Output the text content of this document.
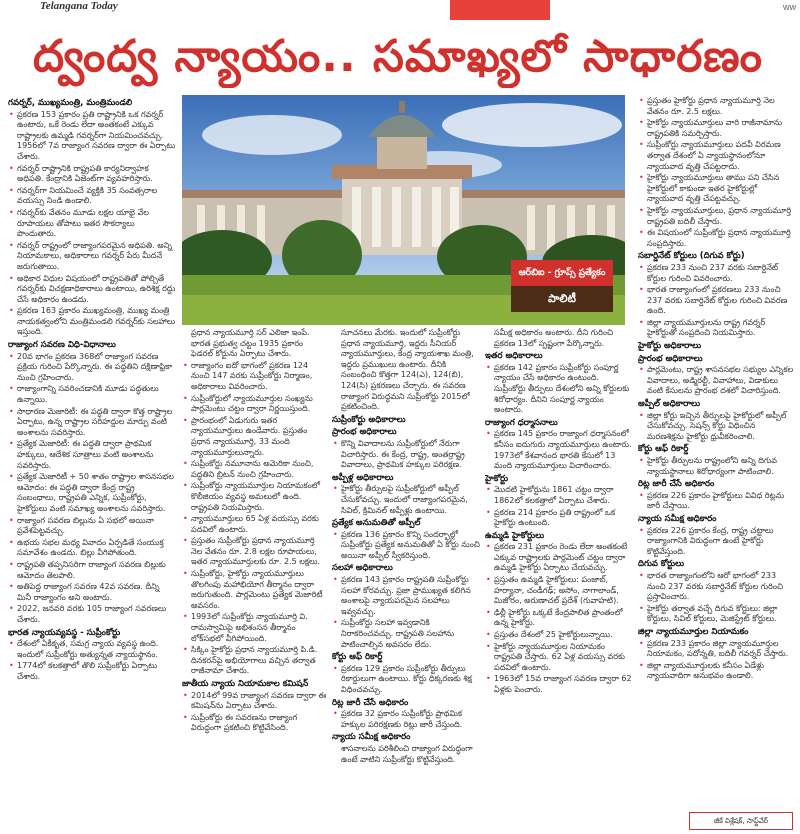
Telangana Today	ww
ద్వంద్వ న్యాయం.. సమాఖ్యలో సాధారణం
గవర్నర్, ముఖ్యమంత్రి, మంత్రిమండలి

• ప్రకరణ 153 ప్రకారం ప్రతి రాష్ట్రానికి ఒక గవర్నర్ ఉంటారు, ఒకే రెండు లేదా అంతకంటే ఎక్కువ రాష్ట్రాలకు ఉమ్మడి గవర్నర్‌గా నియమించవచ్చు. 1956లో 7వ రాజ్యాంగ సవరణ ద్వారా ఈ ఏర్పాటు చేశారు.

• గవర్నర్ రాష్ట్రానికి రాష్ట్రపతి కార్యనిర్వాహక అధిపతి. కేంద్రానికి ఏజెంట్‌గా వ్యవహరిస్తారు.

• గవర్నర్‌గా నియమించే వ్యక్తికి 35 సంవత్సరాల వయస్సు నిండి ఉండాలి.

• గవర్నర్‌కు వేతనం మూడు లక్షల యాభై వేల రూపాయలు తోపాటు ఇతర సౌకర్యాలు పొందుతారు.

• గవర్నర్ రాష్ట్రంలో రాజ్యాంగపరమైన అధిపతి. అన్ని నియామకాలు, అధికారాలు గవర్నర్ పేరు మీదనే జరుగుతాయి.

• అధికార విధుల విషయంలో రాష్ట్రపతితో పోల్చితే గవర్నర్‌కు విచక్షణాధికారాలు ఉంటాయి, ఉరిశిక్ష రద్దు చేసే అధికారం ఉండదు.

• ప్రకరణ 163 ప్రకారం ముఖ్యమంత్రి, ముఖ్య మంత్రి నాయకత్వంలోని మంత్రిమండలి గవర్నర్‌కు సలహాలు ఇస్తుంది.

రాజ్యాంగ సవరణ విధి-విధానాలు

• 20వ భాగం ప్రకరణ 368లో రాజ్యాంగ సవరణ ప్రక్రియ గురించి పేర్కొన్నారు. ఈ పద్ధతిని దక్షిణాఫ్రికా నుంచి గ్రహించారు.

• రాజ్యాంగాన్ని సవరించడానికి మూడు పద్ధతులు ఉన్నాయి.

• సాధారణ మెజారిటీ: ఈ పద్ధతి ద్వారా కొత్త రాష్ట్రాల ఏర్పాటు, ఉన్న రాష్ట్రాల సరిహద్దుల మార్పు వంటి అంశాలను సవరిస్తారు.

• ప్రత్యేక మెజారిటీ: ఈ పద్ధతి ద్వారా ప్రాథమిక హక్కులు, ఆదేశిక సూత్రాలు వంటి అంశాలను సవరిస్తారు.

• ప్రత్యేక మెజారిటీ + 50 శాతం రాష్ట్రాల శాసనసభల ఆమోదం: ఈ పద్ధతి ద్వారా కేంద్ర రాష్ట్ర సంబంధాలు, రాష్ట్రపతి ఎన్నిక, సుప్రీంకోర్టు, హైకోర్టులు వంటి సమాఖ్య అంశాలను సవరిస్తారు.

• రాజ్యాంగ సవరణ బిల్లును ఏ సభలో అయినా ప్రవేశపెట్టవచ్చు.

• ఉభయ సభల మధ్య వివాదం ఏర్పడితే సంయుక్త సమావేశం ఉండదు. బిల్లు వీగిపోతుంది.

• రాష్ట్రపతి తప్పనిసరిగా రాజ్యాంగ సవరణ బిల్లుకు ఆమోదం తెలపాలి.

• అతిపెద్ద రాజ్యాంగ సవరణ 42వ సవరణ. దీన్ని మినీ రాజ్యాంగం అని అంటారు.

• 2022, జనవరి వరకు 105 రాజ్యాంగ సవరణలు చేశారు.

భారత న్యాయవ్యవస్థ - సుప్రీంకోర్టు

• దేశంలో ఏకీకృత, సమగ్ర న్యాయ వ్యవస్థ ఉంది. ఇందులో సుప్రీంకోర్టు అత్యున్నత న్యాయస్థానం.

• 1774లో కలకత్తాలో తొలి సుప్రీంకోర్టు ఏర్పాటు చేశారు.

ఆర్‌బిఐ - గ్రూప్స్ ప్రత్యేకం
పాలిటీ

ప్రధాన న్యాయమూర్తి సర్ ఎలిజా ఇంపే. భారత ప్రభుత్వ చట్టం 1935 ప్రకారం ఫెడరల్ కోర్టును ఏర్పాటు చేశారు.

• రాజ్యాంగం ఐదో భాగంలో ప్రకరణ 124 నుంచి 147 వరకు సుప్రీంకోర్టు నిర్మాణం, అధికారాలు వివరించారు.

• సుప్రీంకోర్టులో న్యాయమూర్తుల సంఖ్యను పార్లమెంటు చట్టం ద్వారా నిర్ణయిస్తుంది.

• ప్రారంభంలో ఏడుగురు ఇతర న్యాయమూర్తులు ఉండేవారు. ప్రస్తుతం ప్రధాన న్యాయమూర్తి, 33 మంది న్యాయమూర్తులున్నారు.

• సుప్రీంకోర్టు నమూనాను అమెరికా నుంచి, పద్ధతిని బ్రిటన్ నుంచి గ్రహించారు.

• సుప్రీంకోర్టు న్యాయమూర్తుల నియామకంలో కొలీజియం వ్యవస్థ అమలులో ఉంది. రాష్ట్రపతి నియమిస్తారు.

• న్యాయమూర్తులు 65 ఏళ్ల వయస్సు వరకు పదవిలో ఉంటారు.

• ప్రస్తుతం సుప్రీంకోర్టు ప్రధాన న్యాయమూర్తి నెల వేతనం రూ. 2.8 లక్షల రూపాయలు, ఇతర న్యాయమూర్తులకు రూ. 2.5 లక్షలు.

• సుప్రీంకోర్టు, హైకోర్టు న్యాయమూర్తులు తొలగింపు మహాభియోగ తీర్మానం ద్వారా జరుగుతుంది. పార్లమెంటు ప్రత్యేక మెజారిటీ అవసరం.

• 1993లో సుప్రీంకోర్టు న్యాయమూర్తి వి. రామస్వామిపై అభిశంసన తీర్మానం లోక్‌సభలో వీగిపోయింది.

• సిక్కిం హైకోర్టు ప్రధాన న్యాయమూర్తి పి.డి. దినకరన్‌పై అభియోగాలు వచ్చిన తర్వాత రాజీనామా చేశారు.

జాతీయ న్యాయ నియామకాల కమిషన్

• 2014లో 99వ రాజ్యాంగ సవరణ ద్వారా ఈ కమిషన్‌ను ఏర్పాటు చేశారు.

• సుప్రీంకోర్టు ఈ సవరణను రాజ్యాంగ విరుద్ధంగా ప్రకటించి కొట్టివేసింది.

సూచనలు మేరకు. ఇందులో సుప్రీంకోర్టు ప్రధాన న్యాయమూర్తి, ఇద్దరు సీనియర్ న్యాయమూర్తులు, కేంద్ర న్యాయశాఖ మంత్రి, ఇద్దరు ప్రముఖులు ఉంటారు. దీనికి సంబంధించి కొత్తగా 124(ఎ), 124(బి), 124(సి) ప్రకరణలు చేర్చారు. ఈ సవరణ రాజ్యాంగ విరుద్ధమని సుప్రీంకోర్టు 2015లో ప్రకటించింది.

సుప్రీంకోర్టు అధికారాలు
ప్రారంభ అధికారాలు

• కొన్ని వివాదాలను సుప్రీంకోర్టులో నేరుగా విచారిస్తారు. ఈ కేంద్ర, రాష్ట్ర, అంతర్రాష్ట్ర వివాదాలు, ప్రాథమిక హక్కుల పరిరక్షణ.

అప్పీళ్ల అధికారాలు

• హైకోర్టు తీర్పులపై సుప్రీంకోర్టులో అప్పీల్ చేసుకోవచ్చు. ఇందులో రాజ్యాంగపరమైన, సివిల్, క్రిమినల్ అప్పీళ్లు ఉంటాయి.

ప్రత్యేక అనుమతితో అప్పీల్

• ప్రకరణ 136 ప్రకారం కొన్ని సందర్భాల్లో సుప్రీంకోర్టు ప్రత్యేక అనుమతితో ఏ కోర్టు నుంచి అయినా అప్పీల్ స్వీకరిస్తుంది.

సలహా అధికారాలు

• ప్రకరణ 143 ప్రకారం రాష్ట్రపతి సుప్రీంకోర్టు సలహా కోరవచ్చు. ప్రజా ప్రాముఖ్యత కలిగిన అంశాలపై న్యాయపరమైన సలహాలు ఇవ్వవచ్చు.

• సుప్రీంకోర్టు సలహా ఇవ్వడానికి నిరాకరించవచ్చు. రాష్ట్రపతి సలహాను పాటించాల్సిన అవసరం లేదు.

కోర్టు ఆఫ్ రికార్డ్

• ప్రకరణ 129 ప్రకారం సుప్రీంకోర్టు తీర్పులు రికార్డులుగా ఉంటాయి. కోర్టు ధిక్కరణకు శిక్ష విధించవచ్చు.

రిట్ల జారీ చేసే అధికారం

• ప్రకరణ 32 ప్రకారం సుప్రీంకోర్టు ప్రాథమిక హక్కుల పరిరక్షణకు రిట్లు జారీ చేస్తుంది.

న్యాయ సమీక్ష అధికారం

శాసనాలను పరిశీలించి రాజ్యాంగ విరుద్ధంగా ఉంటే వాటిని సుప్రీంకోర్టు కొట్టివేస్తుంది.

సమీక్ష అధికారం అంటారు. దీని గురించి ప్రకరణ 13లో స్పష్టంగా పేర్కొన్నారు.

ఇతర అధికారాలు

• ప్రకరణ 142 ప్రకారం సుప్రీంకోర్టు సంపూర్ణ న్యాయం చేసే అధికారం ఉంటుంది. సుప్రీంకోర్టు తీర్పులు దేశంలోని అన్ని కోర్టులకు శిరోధార్యం. దీనిని సంపూర్ణ న్యాయం అంటారు.

రాజ్యాంగ ధర్మాసనాలు

• ప్రకరణ 145 ప్రకారం రాజ్యాంగ ధర్మాసనంలో కనీసం ఐదుగురు న్యాయమూర్తులు ఉంటారు. 1973లో కేశవానంద భారతి కేసులో 13 మంది న్యాయమూర్తులు విచారించారు.

హైకోర్టు

• మొదటి హైకోర్టును 1861 చట్టం ద్వారా 1862లో కలకత్తాలో ఏర్పాటు చేశారు.

• ప్రకరణ 214 ప్రకారం ప్రతి రాష్ట్రంలో ఒక హైకోర్టు ఉంటుంది.

ఉమ్మడి హైకోర్టులు

• ప్రకరణ 231 ప్రకారం రెండు లేదా అంతకంటే ఎక్కువ రాష్ట్రాలకు పార్లమెంట్ చట్టం ద్వారా ఉమ్మడి హైకోర్టు ఏర్పాటు చేయవచ్చు.

• ప్రస్తుతం ఉమ్మడి హైకోర్టులు: పంజాబ్, హర్యానా, చండీగఢ్; అసోం, నాగాలాండ్, మిజోరం, అరుణాచల్ ప్రదేశ్ (గువాహటి).

• ఢిల్లీ హైకోర్టు ఒక్కటే కేంద్రపాలిత ప్రాంతంలో ఉన్న హైకోర్టు.

• ప్రస్తుతం దేశంలో 25 హైకోర్టులున్నాయి.

• హైకోర్టు న్యాయమూర్తుల నియామకం రాష్ట్రపతి చేస్తారు. 62 ఏళ్ల వయస్సు వరకు పదవిలో ఉంటారు.

• 1963లో 15వ రాజ్యాంగ సవరణ ద్వారా 62 ఏళ్లకు పెంచారు.

• ప్రస్తుతం హైకోర్టు ప్రధాన న్యాయమూర్తి నెల వేతనం రూ. 2.5 లక్షలు.

• హైకోర్టు న్యాయమూర్తులు వారి రాజీనామాను రాష్ట్రపతికి సమర్పిస్తారు.

• సుప్రీంకోర్టు న్యాయమూర్తులు పదవీ విరమణ తర్వాత దేశంలో ఏ న్యాయస్థానంలోనూ న్యాయవాద వృత్తి చేపట్టరాదు.

• హైకోర్టు న్యాయమూర్తులు తాము పని చేసిన హైకోర్టులో కాకుండా ఇతర హైకోర్టుల్లో న్యాయవాద వృత్తి చేపట్టవచ్చు.

• హైకోర్టు న్యాయమూర్తులు, ప్రధాన న్యాయమూర్తి రాష్ట్రపతి బదిలీ చేస్తారు.

• ఈ విషయంలో సుప్రీంకోర్టు ప్రధాన న్యాయమూర్తి సంప్రదిస్తారు.

సబార్డినేట్ కోర్టులు (దిగువ కోర్టు)

• ప్రకరణ 233 నుంచి 237 వరకు సబార్డినేట్ కోర్టుల గురించి వివరించారు.

• భారత రాజ్యాంగంలో ప్రకరణలు 233 నుంచి 237 వరకు సబార్డినేట్ కోర్టుల గురించి వివరణ ఉంది.

• జిల్లా న్యాయమూర్తులను రాష్ట్ర గవర్నర్ హైకోర్టుతో సంప్రదించి నియమిస్తారు.

హైకోర్టు అధికారాలు
ప్రారంభ అధికారాలు

• పార్లమెంటు, రాష్ట్ర శాసనసభల సభ్యుల ఎన్నికల వివాదాలు, అడ్మిరల్టీ, వివాహాలు, విడాకులు వంటి కేసులను ప్రారంభ దశలో విచారిస్తుంది.

అప్పీల్ అధికారాలు

• జిల్లా కోర్టు ఇచ్చిన తీర్పులపై హైకోర్టులో అప్పీల్ చేసుకోవచ్చు. సెషన్స్ కోర్టు విధించిన మరణశిక్షను హైకోర్టు ధ్రువీకరించాలి.

కోర్టు ఆఫ్ రికార్డ్

• హైకోర్టు తీర్పులను రాష్ట్రంలోని అన్ని దిగువ న్యాయస్థానాలు శిరోధార్యంగా పాటించాలి.

రిట్ల జారీ చేసే అధికారం

• ప్రకరణ 226 ప్రకారం హైకోర్టులు వివిధ రిట్లను జారీ చేస్తాయి.

న్యాయ సమీక్ష అధికారం

• ప్రకరణ 226 ప్రకారం కేంద్ర, రాష్ట్ర చట్టాలు రాజ్యాంగానికి విరుద్ధంగా ఉంటే హైకోర్టు కొట్టివేస్తుంది.

దిగువ కోర్టులు

• భారత రాజ్యాంగంలోని ఆరో భాగంలో 233 నుంచి 237 వరకు సబార్డినేట్ కోర్టుల గురించి ప్రస్తావించారు.

• హైకోర్టు తర్వాత వచ్చే దిగువ కోర్టులు: జిల్లా కోర్టులు, సివిల్ కోర్టులు, మెజిస్ట్రేట్ కోర్టులు.

జిల్లా న్యాయమూర్తుల నియామకం

• ప్రకరణ 233 ప్రకారం జిల్లా న్యాయమూర్తుల నియామకం, పదోన్నతి, బదిలీ గవర్నర్ చేస్తారు.

• జిల్లా న్యాయమూర్తులకు కనీసం ఏడేళ్లు న్యాయవాదిగా అనుభవం ఉండాలి.

జీకే విశ్లేషక్, సాఫ్ట్‌వేర్
